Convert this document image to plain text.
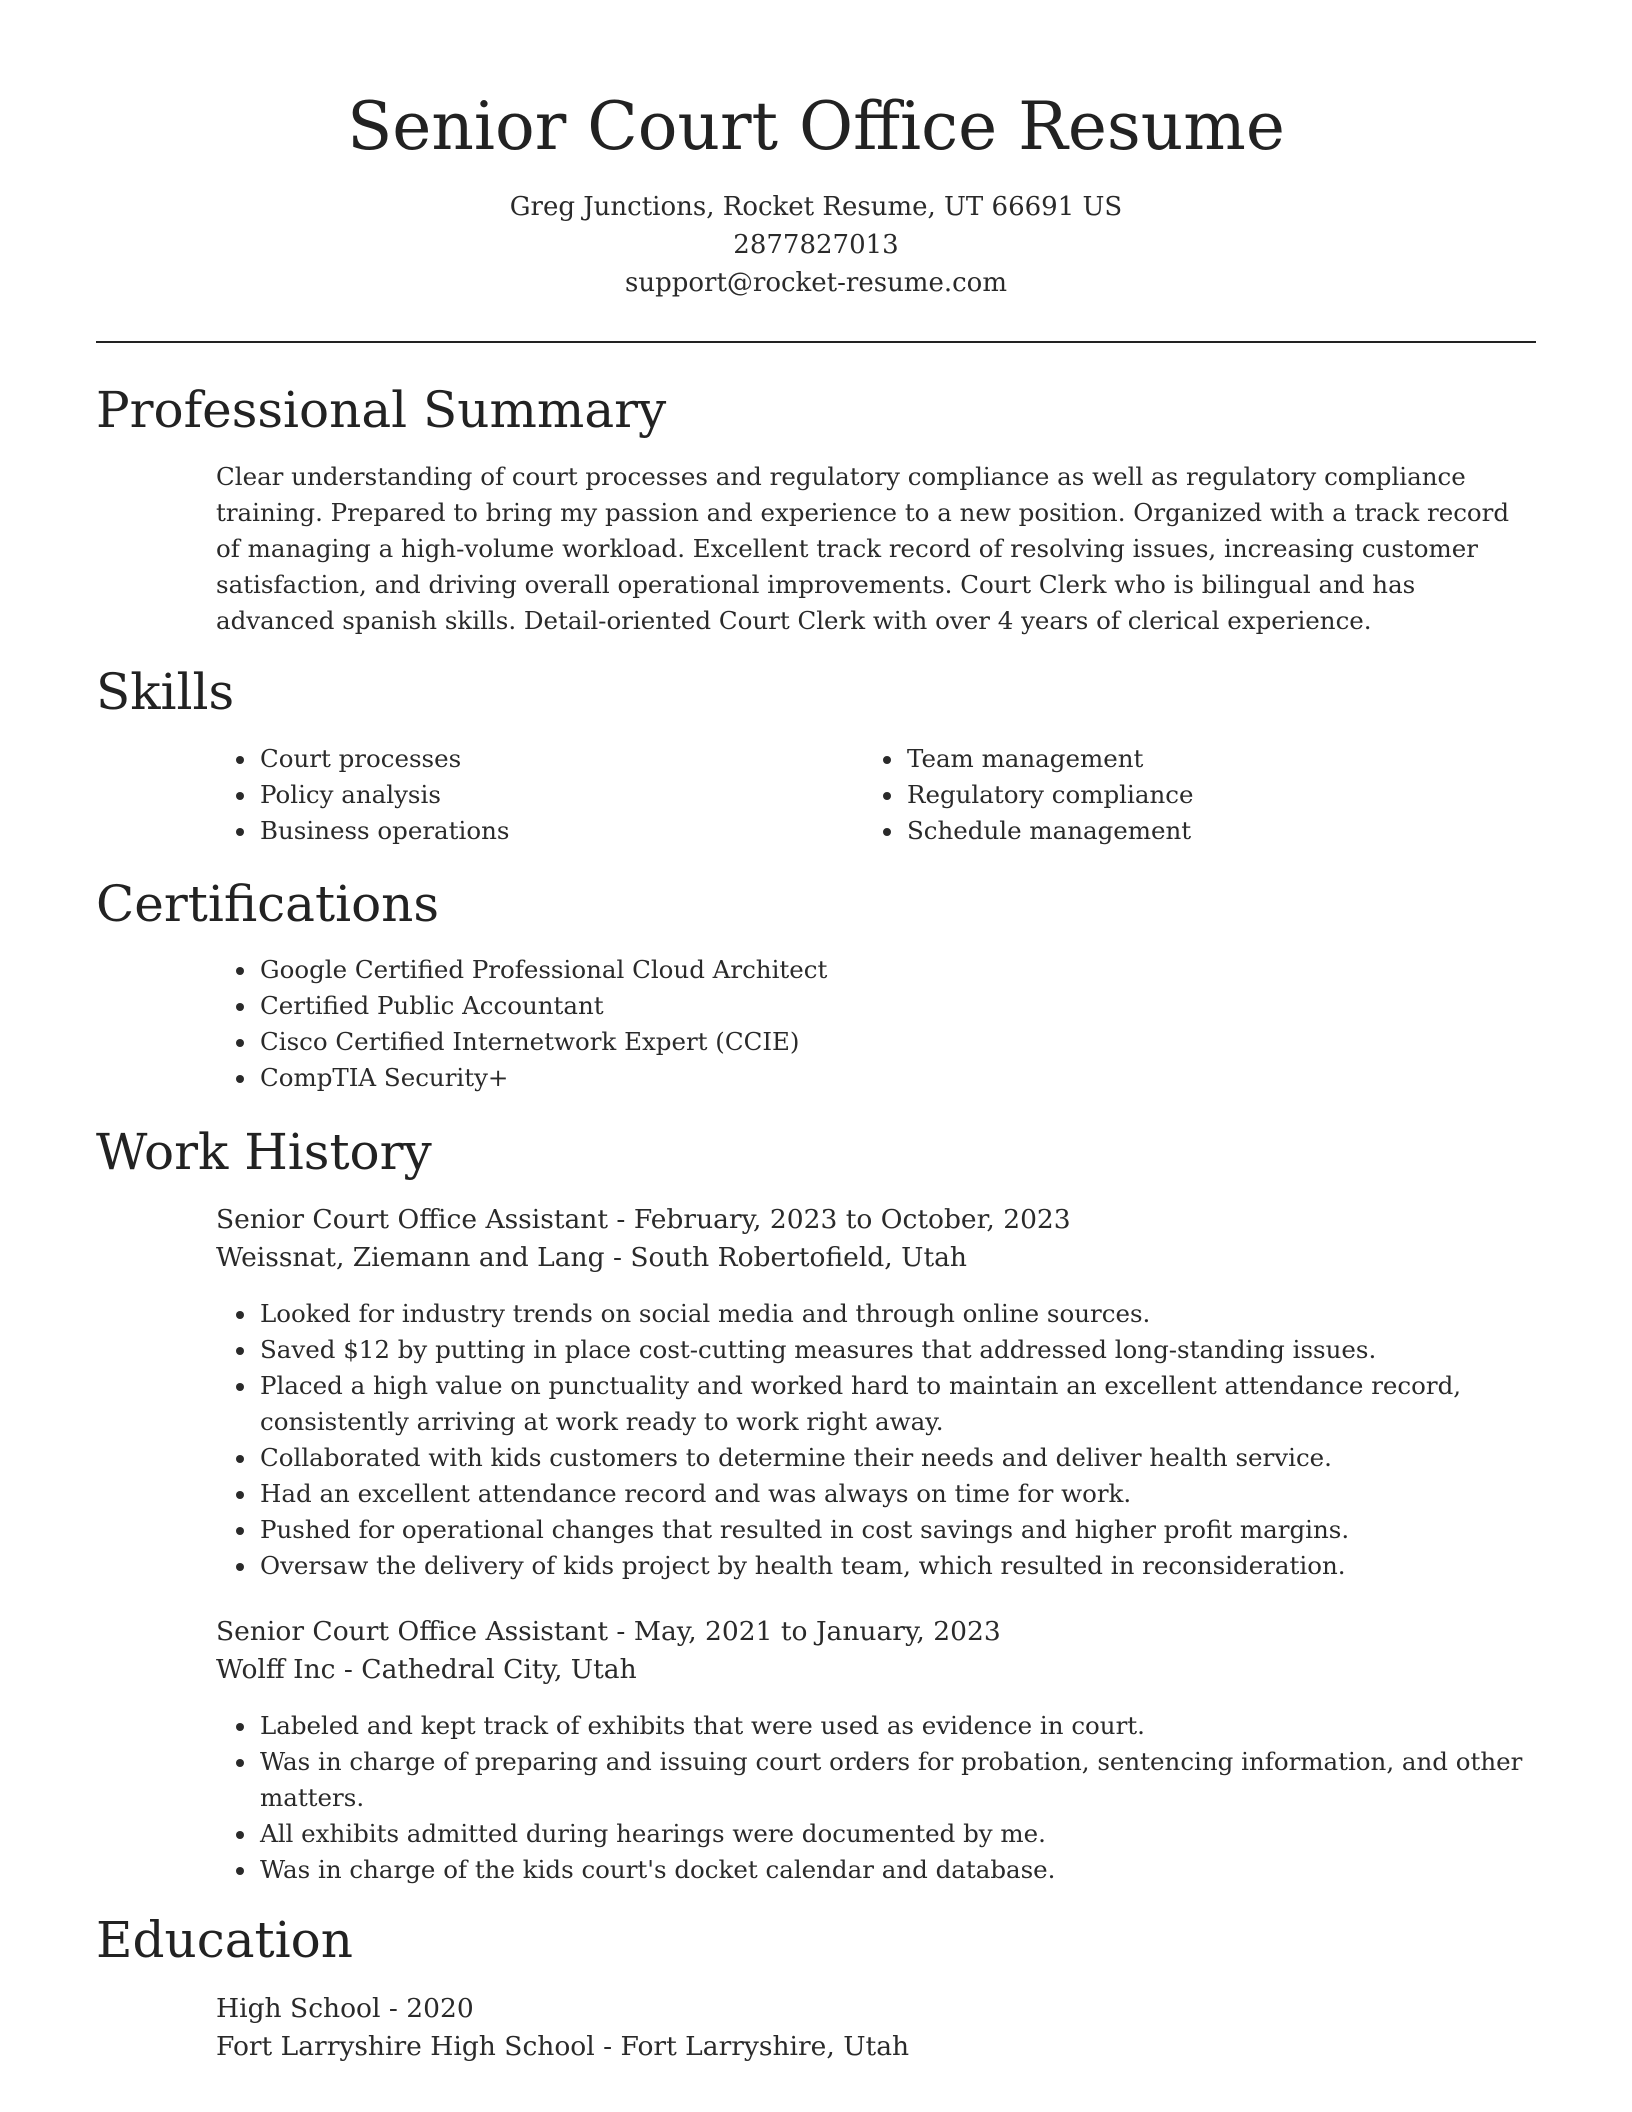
Senior Court Office Resume
Greg Junctions, Rocket Resume, UT 66691 US
2877827013
support@rocket-resume.com
Professional Summary

Clear understanding of court processes and regulatory compliance as well as regulatory compliance training. Prepared to bring my passion and experience to a new position. Organized with a track record of managing a high-volume workload. Excellent track record of resolving issues, increasing customer satisfaction, and driving overall operational improvements. Court Clerk who is bilingual and has advanced spanish skills. Detail-oriented Court Clerk with over 4 years of clerical experience.

Skills
• Court processes
• Policy analysis
• Business operations
• Team management
• Regulatory compliance
• Schedule management
Certifications
• Google Certified Professional Cloud Architect
• Certified Public Accountant
• Cisco Certified Internetwork Expert (CCIE)
• CompTIA Security+
Work History
Senior Court Office Assistant - February, 2023 to October, 2023
Weissnat, Ziemann and Lang - South Robertofield, Utah
• Looked for industry trends on social media and through online sources.
• Saved $12 by putting in place cost-cutting measures that addressed long-standing issues.
• Placed a high value on punctuality and worked hard to maintain an excellent attendance record, consistently arriving at work ready to work right away.
• Collaborated with kids customers to determine their needs and deliver health service.
• Had an excellent attendance record and was always on time for work.
• Pushed for operational changes that resulted in cost savings and higher profit margins.
• Oversaw the delivery of kids project by health team, which resulted in reconsideration.
Senior Court Office Assistant - May, 2021 to January, 2023
Wolff Inc - Cathedral City, Utah
• Labeled and kept track of exhibits that were used as evidence in court.
• Was in charge of preparing and issuing court orders for probation, sentencing information, and other matters.
• All exhibits admitted during hearings were documented by me.
• Was in charge of the kids court's docket calendar and database.
Education
High School - 2020
Fort Larryshire High School - Fort Larryshire, Utah
